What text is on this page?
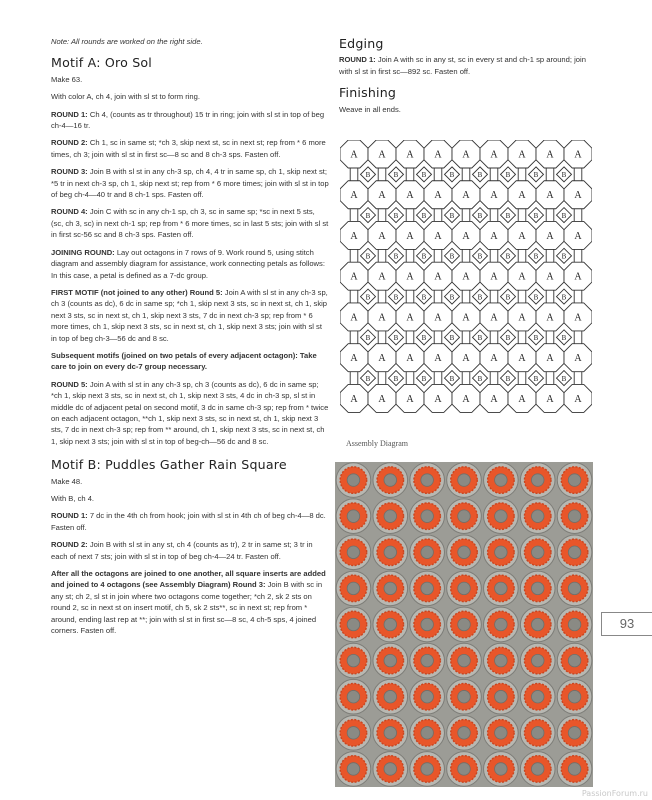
Note: All rounds are worked on the right side.

Motif A: Oro Sol

Make 63.

With color A, ch 4, join with sl st to form ring.

ROUND 1: Ch 4, (counts as tr throughout) 15 tr in ring; join with sl st in top of beg ch-4—16 tr.

ROUND 2: Ch 1, sc in same st; *ch 3, skip next st, sc in next st; rep from * 6 more times, ch 3; join with sl st in first sc—8 sc and 8 ch-3 sps. Fasten off.

ROUND 3: Join B with sl st in any ch-3 sp, ch 4, 4 tr in same sp, ch 1, skip next st; *5 tr in next ch-3 sp, ch 1, skip next st; rep from * 6 more times; join with sl st in top of beg ch-4—40 tr and 8 ch-1 sps. Fasten off.

ROUND 4: Join C with sc in any ch-1 sp, ch 3, sc in same sp; *sc in next 5 sts, (sc, ch 3, sc) in next ch-1 sp; rep from * 6 more times, sc in last 5 sts; join with sl st in first sc-56 sc and 8 ch-3 sps. Fasten off.

JOINING ROUND: Lay out octagons in 7 rows of 9. Work round 5, using stitch diagram and assembly diagram for assistance, work connecting petals as follows: In this case, a petal is defined as a 7-dc group.

FIRST MOTIF (not joined to any other) Round 5: Join A with sl st in any ch-3 sp, ch 3 (counts as dc), 6 dc in same sp; *ch 1, skip next 3 sts, sc in next st, ch 1, skip next 3 sts, sc in next st, ch 1, skip next 3 sts, 7 dc in next ch-3 sp; rep from * 6 more times, ch 1, skip next 3 sts, sc in next st, ch 1, skip next 3 sts; join with sl st in top of beg ch-3—56 dc and 8 sc.

Subsequent motifs (joined on two petals of every adjacent octagon): Take care to join on every dc-7 group necessary.

ROUND 5: Join A with sl st in any ch-3 sp, ch 3 (counts as dc), 6 dc in same sp; *ch 1, skip next 3 sts, sc in next st, ch 1, skip next 3 sts, 4 dc in ch-3 sp, sl st in middle dc of adjacent petal on second motif, 3 dc in same ch-3 sp; rep from * twice on each adjacent octagon, **ch 1, skip next 3 sts, sc in next st, ch 1, skip next 3 sts, 7 dc in next ch-3 sp; rep from ** around, ch 1, skip next 3 sts, sc in next st, ch 1, skip next 3 sts; join with sl st in top of beg-ch—56 dc and 8 sc.

Motif B: Puddles Gather Rain Square

Make 48.

With B, ch 4.

ROUND 1: 7 dc in the 4th ch from hook; join with sl st in 4th ch of beg ch-4—8 dc. Fasten off.

ROUND 2: Join B with sl st in any st, ch 4 (counts as tr), 2 tr in same st; 3 tr in each of next 7 sts; join with sl st in top of beg ch-4—24 tr. Fasten off.

After all the octagons are joined to one another, all square inserts are added and joined to 4 octagons (see Assembly Diagram) Round 3: Join B with sc in any st; ch 2, sl st in join where two octagons come together; *ch 2, sk 2 sts on round 2, sc in next st on insert motif, ch 5, sk 2 sts**, sc in next st; rep from * around, ending last rep at **; join with sl st in first sc—8 sc, 4 ch-5 sps, 4 joined corners. Fasten off.

Edging

ROUND 1: Join A with sc in any st, sc in every st and ch-1 sp around; join with sl st in first sc—892 sc. Fasten off.

Finishing

Weave in all ends.

A A A A A A A A A
A A A A A A A A A
A A A A A A A A A
A A A A A A A A A
A A A A A A A A A
A A A A A A A A A
A A A A A A A A A
B	B	B	B	B	B	B	B
B	B	B	B	B	B	B	B
B	B	B	B	B	B	B	B
B	B	B	B	B	B	B	B
B	B	B	B	B	B	B	B
B	B	B	B	B	B	B	B
Assembly Diagram
93
PassionForum.ru
